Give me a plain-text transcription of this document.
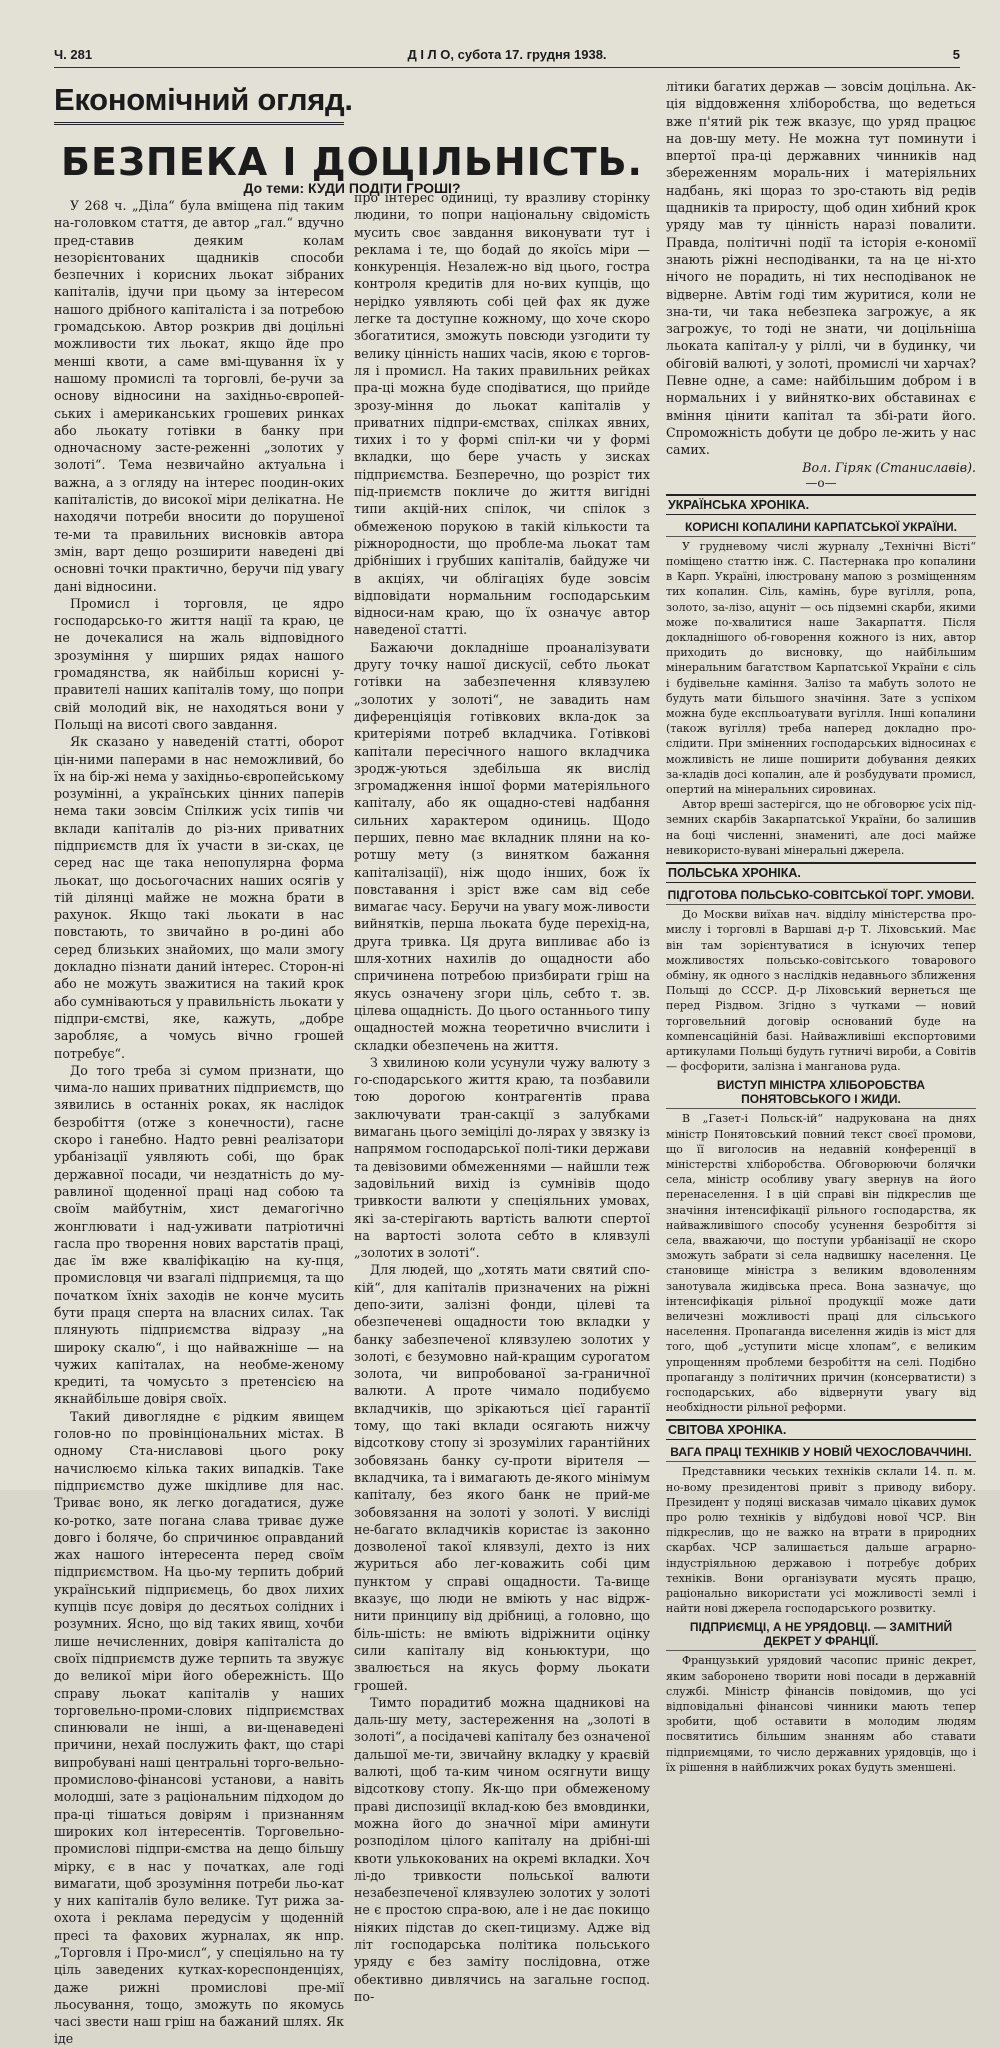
Ч. 281	Д І Л О, субота 17. грудня 1938.	5
БЕЗПЕКА І ДОЦІЛЬНІСТЬ.
До теми: КУДИ ПОДІТИ ГРОШІ?
Економічний огляд.

У 268 ч. „Діла“ була вміщена під таким на-головком стаття, де автор „гал.“ вдучно пред-ставив деяким колам незорієнтованих щадників способи безпечних і корисних льокат зібраних капіталів, ідучи при цьому за інтересом нашого дрібного капіталіста і за потребою громадською. Автор розкрив дві доцільні можливости тих льокат, якщо йде про менші квоти, а саме вмі-щування їх у нашому промислі та торговлі, бе-ручи за основу відносини на західньо-європей-ських і американських грошевих ринках або льокату готівки в банку при одночасному засте-реженні „золотих у золоті“. Тема незвичайно актуальна і важна, а з огляду на інтерес поодин-оких капіталістів, до високої міри делікатна. Не находячи потреби вносити до порушеної те-ми та правильних висновків автора змін, варт дещо розширити наведені дві основні точки практично, беручи під увагу дані відносини.

Промисл і торговля, це ядро господарсько-го життя нації та краю, це не дочекалися на жаль відповідного зрозуміння у ширших рядах нашого громадянства, як найбільш корисні у-правителі наших капіталів тому, що попри свій молодий вік, не находяться вони у Польщі на висоті свого завдання.

Як сказано у наведеній статті, оборот цін-ними паперами в нас неможливий, бо їх на бір-жі нема у західньо-європейському розумінні, а українських цінних паперів нема таки зовсім Спілкиж усіх типів чи вклади капіталів до різ-них приватних підприємств для їх участи в зи-сках, це серед нас ще така непопулярна форма льокат, що досьогочасних наших осягів у тій ділянці майже не можна брати в рахунок. Якщо такі льокати в нас повстають, то звичайно в ро-дині або серед близьких знайомих, що мали змогу докладно пізнати даний інтерес. Сторон-ні або не можуть зважитися на такий крок або сумніваються у правильність льокати у підпри-ємстві, яке, кажуть, „добре заробляє, а чомусь вічно грошей потребує“.

До того треба зі сумом признати, що чима-ло наших приватних підприємств, що зявились в останніх роках, як наслідок безробіття (отже з конечности), гасне скоро і ганебно. Надто ревні реалізатори урбанізації уявляють собі, що брак державної посади, чи нездатність до му-равлиної щоденної праці над собою та своїм майбутнім, хист демагогічно жонглювати і над-уживати патріотичні гасла про творення нових варстатів праці, дає їм вже кваліфікацію на ку-пця, промисловця чи взагалі підприємця, та що початком їхніх заходів не конче мусить бути праця сперта на власних силах. Так плянують підприємства відразу „на широку скалю“, і що найважніше — на чужих капіталах, на необме-женому кредиті, та чомусьто з претенсією на якнайбільше довіря своїх.

Такий дивоглядне є рідким явищем голов-но по провінціональних містах. В одному Ста-ниславові цього року начислюємо кілька таких випадків. Таке підприємство дуже шкідливе для нас. Триває воно, як легко догадатися, дуже ко-ротко, зате погана слава триває дуже довго і боляче, бо спричинює оправданий жах нашого інтересента перед своїм підприємством. На цьо-му терпить добрий український підприємець, бо двох лихих купців псує довіря до десятьох солідних і розумних. Ясно, що від таких явищ, хочби лише нечисленних, довіря капіталіста до своїх підприємств дуже терпить та звужує до великої міри його обережність. Що справу льокат капіталів у наших торговельно-проми-слових підприємствах спинювали не інші, а ви-щенаведені причини, нехай послужить факт, що старі випробувані наші центральні торго-вельно-промислово-фінансові установи, а навіть молодші, зате з раціональним підходом до пра-ці тішаться довірям і признанням широких кол інтересентів. Торговельно-промислові підпри-ємства на дещо більшу мірку, є в нас у початках, але годі вимагати, щоб зрозуміння потреби льо-кат у них капіталів було велике. Тут рижа за-охота і реклама передусім у щоденній пресі та фахових журналах, як нпр. „Торговля і Про-мисл“, у спеціяльно на ту ціль заведених куткаx-кореспонденціях, даже рижні промислові пре-мії льосування, тощо, зможуть по якомусь часі звести наш гріш на бажаний шлях. Як іде

про інтерес одиниці, ту вразливу сторінку людини, то попри національну свідомість мусить своє завдання виконувати тут і реклама і те, що бодай до якоїсь міри — конкуренція. Незалеж-но від цього, гостра контроля кредитів для но-вих купців, що нерідко уявляють собі цей фах як дуже легке та доступне кожному, що хоче скоро збогатитися, зможуть повсюди узгодити ту велику цінність наших часів, якою є торгов-ля і промисл. На таких правильних рейках пра-ці можна буде сподіватися, що прийде зрозу-міння до льокат капіталів у приватних підпри-ємствах, спілках явних, тихих і то у формі спіл-ки чи у формі вкладки, що бере участь у зисках підприємства. Безперечно, що розріст тих під-приємств покличе до життя вигідні типи акцій-них спілок, чи спілок з обмеженою порукою в такій кількости та ріжнородности, що пробле-ма льокат там дрібніших і грубших капіталів, байдуже чи в акціях, чи облігаціях буде зовсім відповідати нормальним господарським відноси-нам краю, що їх означує автор наведеної статті.

Бажаючи докладніше проаналізувати другу точку нашої дискусії, себто льокат готівки на забезпечення клявзулею „золотих у золоті“, не завадить нам диференціяція готівкових вкла-док за критеріями потреб вкладчика. Готівкові капітали пересічного нашого вкладчика зродж-уються здебільша як вислід згромадження іншої форми матеріяльного капіталу, або як ощадно-стеві надбання сильних характером одиниць. Щодо перших, певно має вкладник пляни на ко-ротшу мету (з винятком бажання капіталізації), ніж щодо інших, бож їх повставання і зріст вже сам від себе вимагає часу. Беручи на увагу мож-ливости вийнятків, перша льоката буде перехід-на, друга тривка. Ця друга випливає або із шля-хотних нахилів до ощадности або спричинена потребою призбирати гріш на якусь означену згори ціль, себто т. зв. цілева ощадність. До цього останнього типу ощадностей можна теоретично вчислити і складки обезпечень на життя.

З хвилиною коли усунули чужу валюту з го-сподарського життя краю, та позбавили тою дорогою контрагентів права заключувати тран-сакції з залубками вимагань цього земіцілі до-лярах у звязку із напрямом господарської полі-тики держави та девізовими обмеженнями — найшли теж задовільний вихід із сумнівів щодо тривкости валюти у спеціяльних умовах, які за-стерігають вартість валюти спертої на вартості золота себто в клявзулі „золотих в золоті“.

Для людей, що „хотять мати святий спо-кій“, для капіталів призначених на ріжні депо-зити, залізні фонди, цілеві та обезпеченеві ощадности тою вкладки у банку забезпеченої клявзулею золотих у золоті, є безумовно най-кращим сурогатом золота, чи випробованої за-граничної валюти. А проте чимало подибуємо вкладчиків, що зрікаються цієї гарантії тому, що такі вклади осягають нижчу відсоткову стопу зі зрозумілих гарантійних зобовязань банку су-проти вірителя — вкладчика, та і вимагають де-якого мінімум капіталу, без якого банк не прий-ме зобовязання на золоті у золоті. У висліді не-багато вкладчиків користає із законно дозволеної такої клявзулі, дехто із них журиться або лег-коважить собі цим пунктом у справі ощадности. Тa-вище вказує, що люди не вміють у нас відрж-нити принципу від дрібниці, а головно, що біль-шість: не вміють відріжнити оцінку сили капіталу від коньюктури, що звалюється на якусь форму льокати грошей.

Тимто порадитиб можна щадникові на даль-шу мету, застереження на „золоті в золоті“, а посідачеві капіталу без означеної дальшої ме-ти, звичайну вкладку у краєвій валюті, щоб та-ким чином осягнути вищу відсоткову стопу. Як-що при обмеженому праві диспозиції вклад-кою без вмовдинки, можна його до значної міри аминути розподілом цілого капіталу на дрібні-ші квоти улькокованих на окремі вкладки. Хоч лі-до тривкости польської валюти незабезпеченої клявзулею золотих у золоті не є простою спра-вою, але і не дає покищо ніяких підстав до скеп-тицизму. Адже від літ господарська політика польського уряду є без заміту послідовна, отже обективно дивлячись на загальне господ. по-

літики багатих держав — зовсім доцільна. Ак-ція віддовження хліборобства, що ведеться вже п'ятий рік теж вказує, що уряд працює на дов-шу мету. Не можна тут поминути і впертої пра-ці державних чинників над збереженням мораль-них і матеріяльних надбань, які щораз то зро-стають від редів щадників та приросту, щоб один хибний крок уряду мав ту цінність наразі повалити. Правда, політичні події та історія е-кономії знають ріжні несподіванки, та на це ні-хто нічого не порадить, ні тих несподіванок не відверне. Автім годі тим журитися, коли не зна-ти, чи така небезпека загрожує, а як загрожує, то тоді не знати, чи доцільніша льоката капітал-у у ріллі, чи в будинку, чи обіговій валюті, у золоті, промислі чи харчах? Певне одне, а саме: найбільшим добром і в нормальних і у вийняткo-вих обставинах є вміння цінити капітал та збі-рати його. Спроможність добути це добро ле-жить у нас самих.

Вол. Гіряк (Станиславів).
—o—
УКРАЇНСЬКА ХРОНІКА.
КОРИСНІ КОПАЛИНИ КАРПАТСЬКОЇ УКРАЇНИ.

У грудневому числі журналу „Технічні Вісті“ поміщено статтю інж. С. Пастернака про копалини в Карп. Україні, ілюстровану мапою з розміщенням тих копалин. Сіль, камінь, буре вугілля, ропа, золото, за-лізо, ацуніт — ось підземні скарби, якими може по-хвалитися наше Закарпаття. Після докладнішого об-говорення кожного із них, автор приходить до висновку, що найбільшим мінеральним багатством Карпатської України є сіль і будівельне каміння. Залізо та мабуть золото не будуть мати більшого значіння. Зате з успіхом можна буде експльоатувати вугілля. Інші копалини (також вугілля) треба наперед докладно про-слідити. При зміненних господарських відносинах є можливість не лише поширити добування деяких за-кладів досі копалин, але й розбудувати промисл, опертий на мінеральних сировинах.

Автор вреші застерігся, що не обговорює усіх під-земних скарбів Закарпатської України, бо залишив на боці численні, знамениті, але досі майже невикористо-вувані мінеральні джерела.

ПОЛЬСЬКА ХРОНІКА.
ПІДГОТОВА ПОЛЬСЬКО-СОВІТСЬКОЇ ТОРГ. УМОВИ.

До Москви виїхав нач. відділу міністерства про-мислу і торговлі в Варшаві д-р Т. Ліховський. Має він там зорієнтуватися в існуючих тепер можливостях польсько-совітського товарового обміну, як одного з наслідків недавнього зближення Польщі до СССР. Д-р Ліховський вернеться ще перед Різдвом. Згідно з чутками — новий торговельний договір оснований буде на компенсаційній базі. Найважливіші експортовими артикулами Польщі будуть гутничі вироби, а Совітів — фосфорити, залізна і манганова руда.

ВИСТУП МІНІСТРА ХЛІБОРОБСТВА ПОНЯТОВСЬКОГО І ЖИДИ.

В „Газет-і Польск-ій“ надрукована на днях міністр Понятовський повний текст своєї промови, що її виголосив на недавній конференції в міністерстві хліборобства. Обговорюючи болячки села, міністр особливу увагу звернув на його перенаселення. І в цій справі він підкреслив ще значіння інтенсифікації рільного господарства, як найважливішого способу усунення безробіття зі села, вважаючи, що поступи урбанізації не скоро зможуть забрати зі села надвишку населення. Це становище міністра з великим вдоволенням занотувала жидівська преса. Вона зазначує, що інтенсифікація рільної продукції може дати величезні можливості праці для сільського населення. Пропаганда виселення жидів із міст для того, щоб „уступити місце хлопам“, є великим упрощенням проблеми безробіття на селі. Подібно пропаганду з політичних причин (консерватисти) з господарських, або відвернути увагу від необхідности рільної реформи.

СВІТОВА ХРОНІКА.
ВАГА ПРАЦІ ТЕХНІКІВ У НОВІЙ ЧЕХОСЛОВАЧЧИНІ.

Представники чеських техніків склали 14. п. м. но-вому президентові привіт з приводу вибору. Президент у подяці висказав чимало цікавих думок про ролю техніків у відбудові нової ЧСР. Він підкреслив, що не важко на втрати в природних скарбах. ЧСР залишається дальше аграрно-індустріяльною державою і потребує добрих техніків. Вони організувати мусять працю, раціонально використати усі можливості землі і найти нові джерела господарського розвитку.

ПІДПРИЄМЦІ, А НЕ УРЯДОВЦІ. — ЗАМІТНИЙ ДЕКРЕТ У ФРАНЦІЇ.

Французький урядовий часопис приніс декрет, яким заборонено творити нові посади в державній службі. Міністр фінансів повідомив, що усі відповідальні фінансові чинники мають тепер зробити, щоб оставити в молодим людям посвятитись більшим знанням або ставати підприємцями, то число державних урядовців, що і їх рішення в найближчих роках будуть зменшені.
